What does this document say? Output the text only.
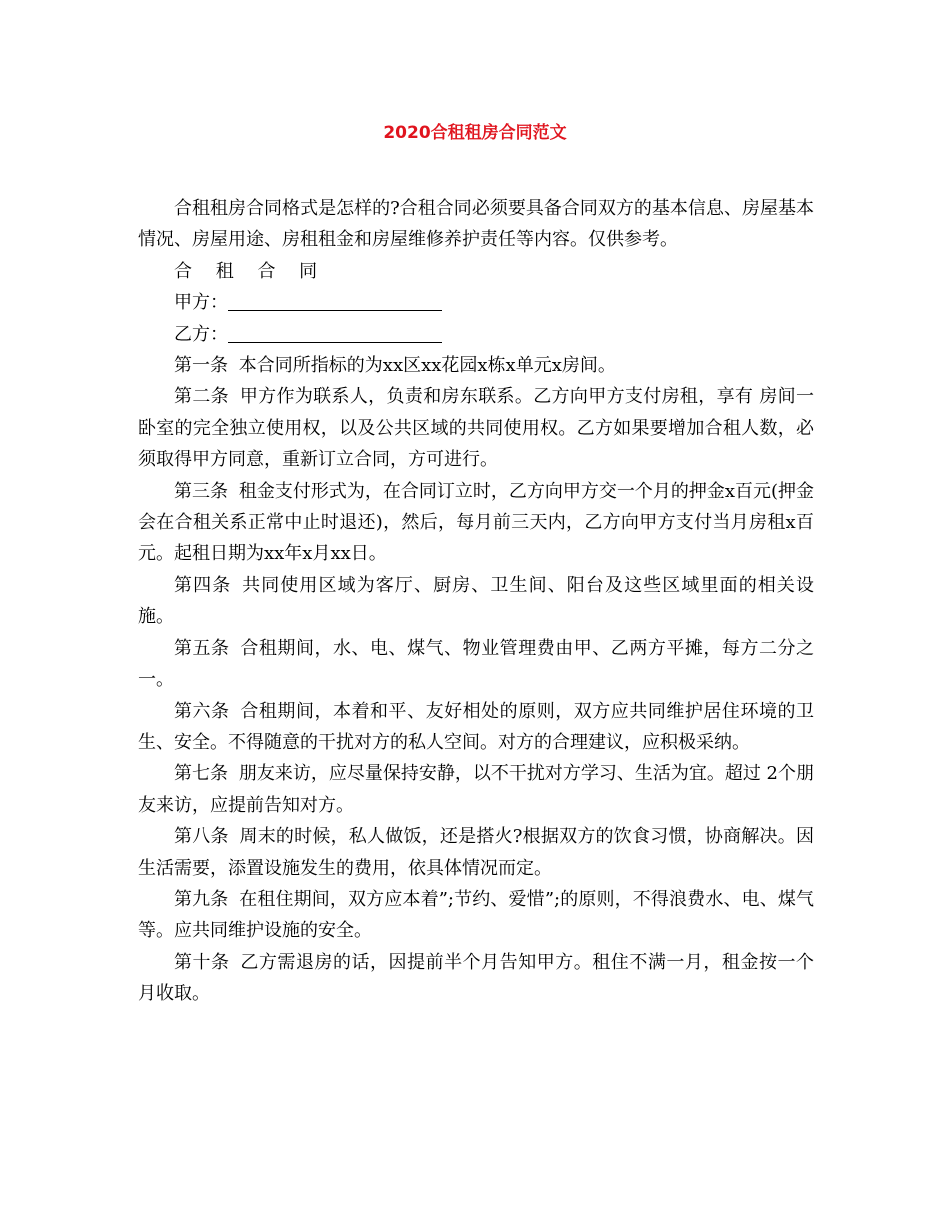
2020合租租房合同范文

合租租房合同格式是怎样的?合租合同必须要具备合同双方的基本信息、房屋基本情况、房屋用途、房租租金和房屋维修养护责任等内容。仅供参考。

合 租 合 同

甲方：

乙方：

第一条 本合同所指标的为xx区xx花园x栋x单元x房间。

第二条 甲方作为联系人，负责和房东联系。乙方向甲方支付房租，享有 房间一卧室的完全独立使用权，以及公共区域的共同使用权。乙方如果要增加合租人数，必须取得甲方同意，重新订立合同，方可进行。

第三条 租金支付形式为，在合同订立时，乙方向甲方交一个月的押金x百元(押金会在合租关系正常中止时退还)，然后，每月前三天内，乙方向甲方支付当月房租x百元。起租日期为xx年x月xx日。

第四条 共同使用区域为客厅、厨房、卫生间、阳台及这些区域里面的相关设施。

第五条 合租期间，水、电、煤气、物业管理费由甲、乙两方平摊，每方二分之一。

第六条 合租期间，本着和平、友好相处的原则，双方应共同维护居住环境的卫生、安全。不得随意的干扰对方的私人空间。对方的合理建议，应积极采纳。

第七条 朋友来访，应尽量保持安静，以不干扰对方学习、生活为宜。超过 2个朋友来访，应提前告知对方。

第八条 周末的时候，私人做饭，还是搭火?根据双方的饮食习惯，协商解决。因生活需要，添置设施发生的费用，依具体情况而定。

第九条 在租住期间，双方应本着”;节约、爱惜”;的原则，不得浪费水、电、煤气等。应共同维护设施的安全。

第十条 乙方需退房的话，因提前半个月告知甲方。租住不满一月，租金按一个月收取。
